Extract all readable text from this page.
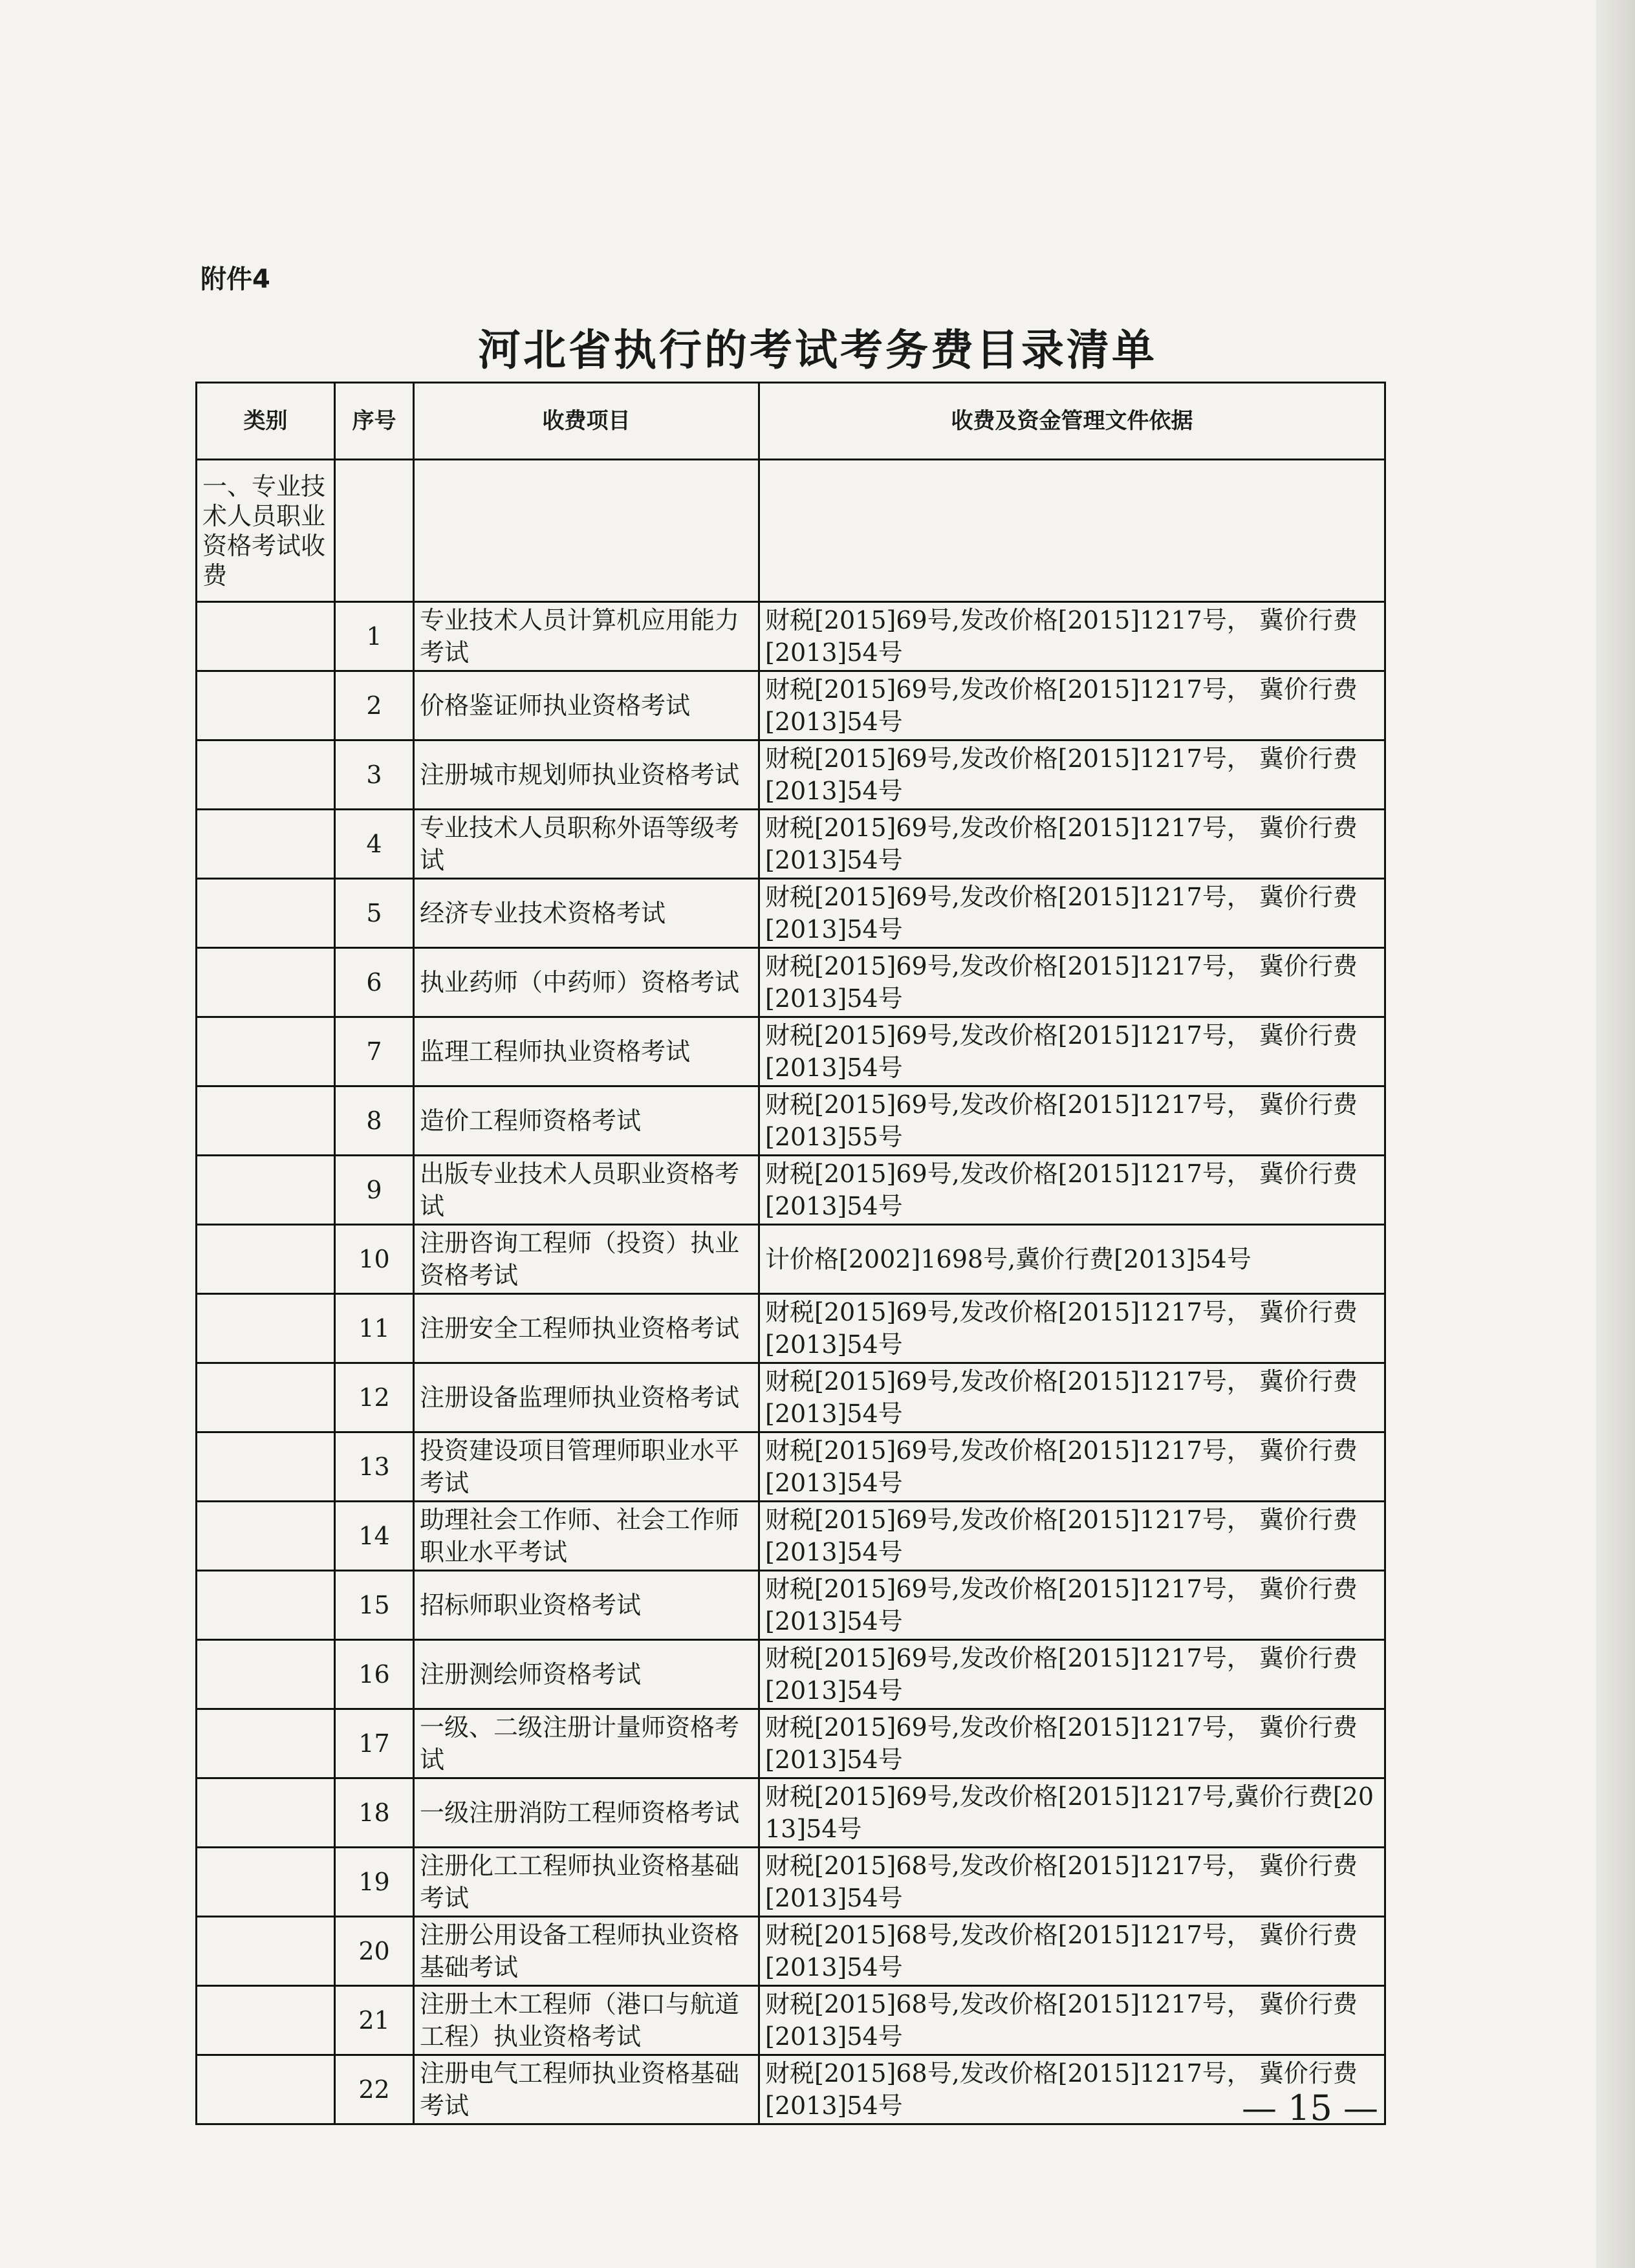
附件4
河北省执行的考试考务费目录清单
类别	序号	收费项目	收费及资金管理文件依据
一、专业技术人员职业资格考试收费			
	1	专业技术人员计算机应用能力考试	财税[2015]69号,发改价格[2015]1217号， 冀价行费[2013]54号
	2	价格鉴证师执业资格考试	财税[2015]69号,发改价格[2015]1217号， 冀价行费[2013]54号
	3	注册城市规划师执业资格考试	财税[2015]69号,发改价格[2015]1217号， 冀价行费[2013]54号
	4	专业技术人员职称外语等级考试	财税[2015]69号,发改价格[2015]1217号， 冀价行费[2013]54号
	5	经济专业技术资格考试	财税[2015]69号,发改价格[2015]1217号， 冀价行费[2013]54号
	6	执业药师（中药师）资格考试	财税[2015]69号,发改价格[2015]1217号， 冀价行费[2013]54号
	7	监理工程师执业资格考试	财税[2015]69号,发改价格[2015]1217号， 冀价行费[2013]54号
	8	造价工程师资格考试	财税[2015]69号,发改价格[2015]1217号， 冀价行费[2013]55号
	9	出版专业技术人员职业资格考试	财税[2015]69号,发改价格[2015]1217号， 冀价行费[2013]54号
	10	注册咨询工程师（投资）执业资格考试	计价格[2002]1698号,冀价行费[2013]54号
	11	注册安全工程师执业资格考试	财税[2015]69号,发改价格[2015]1217号， 冀价行费[2013]54号
	12	注册设备监理师执业资格考试	财税[2015]69号,发改价格[2015]1217号， 冀价行费[2013]54号
	13	投资建设项目管理师职业水平考试	财税[2015]69号,发改价格[2015]1217号， 冀价行费[2013]54号
	14	助理社会工作师、社会工作师职业水平考试	财税[2015]69号,发改价格[2015]1217号， 冀价行费[2013]54号
	15	招标师职业资格考试	财税[2015]69号,发改价格[2015]1217号， 冀价行费[2013]54号
	16	注册测绘师资格考试	财税[2015]69号,发改价格[2015]1217号， 冀价行费[2013]54号
	17	一级、二级注册计量师资格考试	财税[2015]69号,发改价格[2015]1217号， 冀价行费[2013]54号
	18	一级注册消防工程师资格考试	财税[2015]69号,发改价格[2015]1217号,冀价行费[2013]54号
	19	注册化工工程师执业资格基础考试	财税[2015]68号,发改价格[2015]1217号， 冀价行费[2013]54号
	20	注册公用设备工程师执业资格基础考试	财税[2015]68号,发改价格[2015]1217号， 冀价行费[2013]54号
	21	注册土木工程师（港口与航道工程）执业资格考试	财税[2015]68号,发改价格[2015]1217号， 冀价行费[2013]54号
	22	注册电气工程师执业资格基础考试	财税[2015]68号,发改价格[2015]1217号， 冀价行费[2013]54号	— 15 —
